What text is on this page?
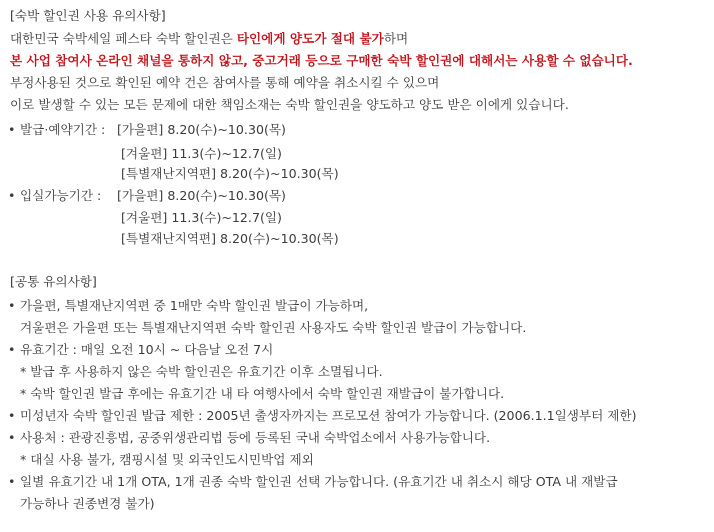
[숙박 할인권 사용 유의사항]
대한민국 숙박세일 페스타 숙박 할인권은 타인에게 양도가 절대 불가하며
본 사업 참여사 온라인 채널을 통하지 않고, 중고거래 등으로 구매한 숙박 할인권에 대해서는 사용할 수 없습니다.
부정사용된 것으로 확인된 예약 건은 참여사를 통해 예약을 취소시킬 수 있으며
이로 발생할 수 있는 모든 문제에 대한 책임소재는 숙박 할인권을 양도하고 양도 받은 이에게 있습니다.
• 발급·예약기간 : [가을편] 8.20(수)~10.30(목)
[겨울편] 11.3(수)~12.7(일)
[특별재난지역편] 8.20(수)~10.30(목)
• 입실가능기간 : [가을편] 8.20(수)~10.30(목)
[겨울편] 11.3(수)~12.7(일)
[특별재난지역편] 8.20(수)~10.30(목)
[공통 유의사항]
• 가을편, 특별재난지역편 중 1매만 숙박 할인권 발급이 가능하며,
겨울편은 가을편 또는 특별재난지역편 숙박 할인권 사용자도 숙박 할인권 발급이 가능합니다.
• 유효기간 : 매일 오전 10시 ~ 다음날 오전 7시
* 발급 후 사용하지 않은 숙박 할인권은 유효기간 이후 소멸됩니다.
* 숙박 할인권 발급 후에는 유효기간 내 타 여행사에서 숙박 할인권 재발급이 불가합니다.
• 미성년자 숙박 할인권 발급 제한 : 2005년 출생자까지는 프로모션 참여가 가능합니다. (2006.1.1일생부터 제한)
• 사용처 : 관광진흥법, 공중위생관리법 등에 등록된 국내 숙박업소에서 사용가능합니다.
* 대실 사용 불가, 캠핑시설 및 외국인도시민박업 제외
• 일별 유효기간 내 1개 OTA, 1개 권종 숙박 할인권 선택 가능합니다. (유효기간 내 취소시 해당 OTA 내 재발급
가능하나 권종변경 불가)
